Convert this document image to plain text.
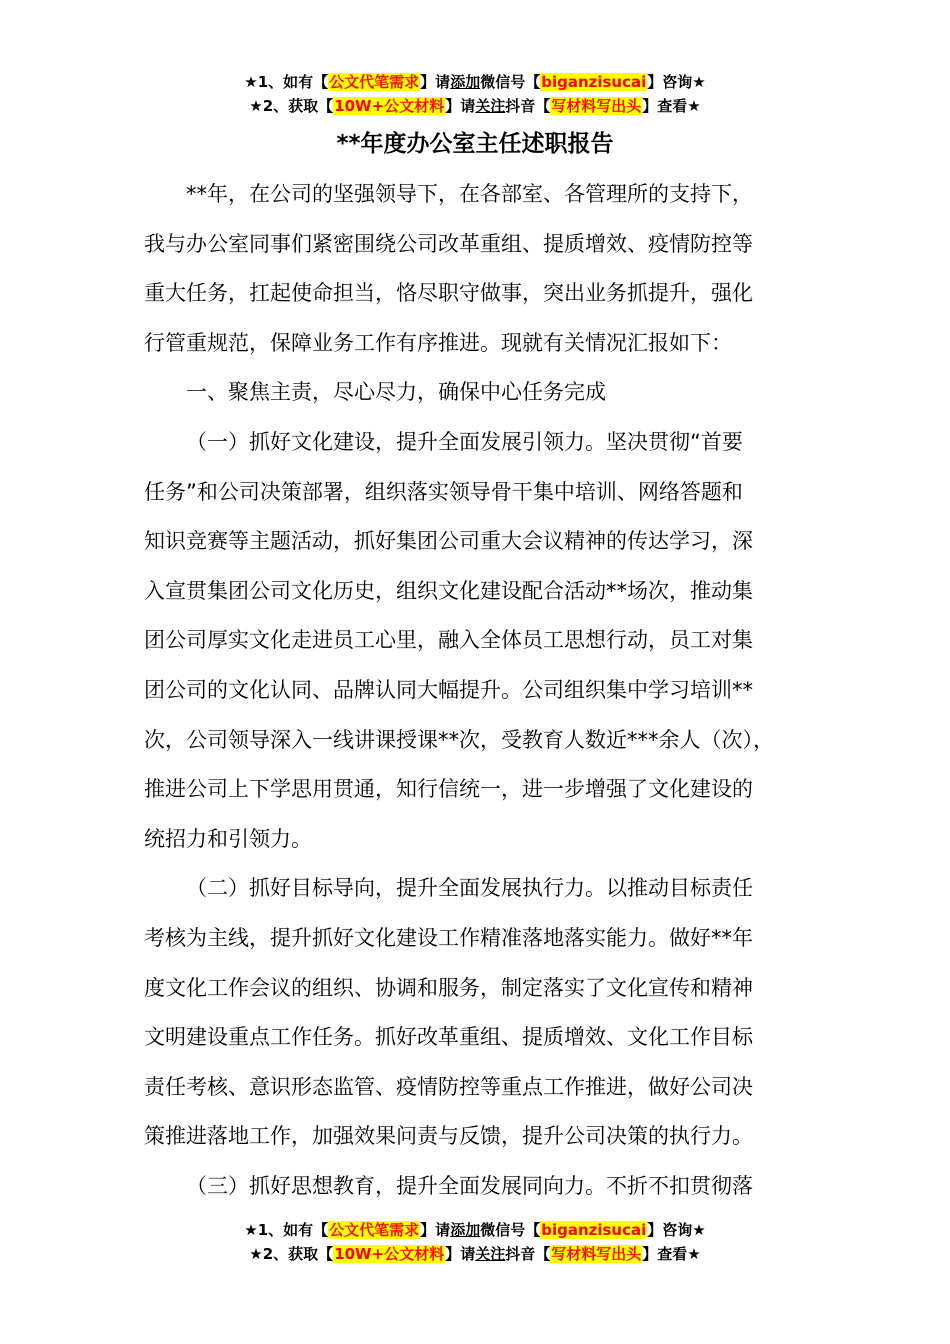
★1、如有【公文代笔需求】请添加微信号【biganzisucai】咨询★
★2、获取【10W+公文材料】请关注抖音【写材料写出头】查看★
**年度办公室主任述职报告
**年，在公司的坚强领导下，在各部室、各管理所的支持下，
我与办公室同事们紧密围绕公司改革重组、提质增效、疫情防控等
重大任务，扛起使命担当，恪尽职守做事，突出业务抓提升，强化
行管重规范，保障业务工作有序推进。现就有关情况汇报如下：
一、聚焦主责，尽心尽力，确保中心任务完成
（一）抓好文化建设，提升全面发展引领力。坚决贯彻“首要
任务”和公司决策部署，组织落实领导骨干集中培训、网络答题和
知识竞赛等主题活动，抓好集团公司重大会议精神的传达学习，深
入宣贯集团公司文化历史，组织文化建设配合活动**场次，推动集
团公司厚实文化走进员工心里，融入全体员工思想行动，员工对集
团公司的文化认同、品牌认同大幅提升。公司组织集中学习培训**
次，公司领导深入一线讲课授课**次，受教育人数近***余人（次），
推进公司上下学思用贯通，知行信统一，进一步增强了文化建设的
统招力和引领力。
（二）抓好目标导向，提升全面发展执行力。以推动目标责任
考核为主线，提升抓好文化建设工作精准落地落实能力。做好**年
度文化工作会议的组织、协调和服务，制定落实了文化宣传和精神
文明建设重点工作任务。抓好改革重组、提质增效、文化工作目标
责任考核、意识形态监管、疫情防控等重点工作推进，做好公司决
策推进落地工作，加强效果问责与反馈，提升公司决策的执行力。
（三）抓好思想教育，提升全面发展同向力。不折不扣贯彻落
★1、如有【公文代笔需求】请添加微信号【biganzisucai】咨询★
★2、获取【10W+公文材料】请关注抖音【写材料写出头】查看★
